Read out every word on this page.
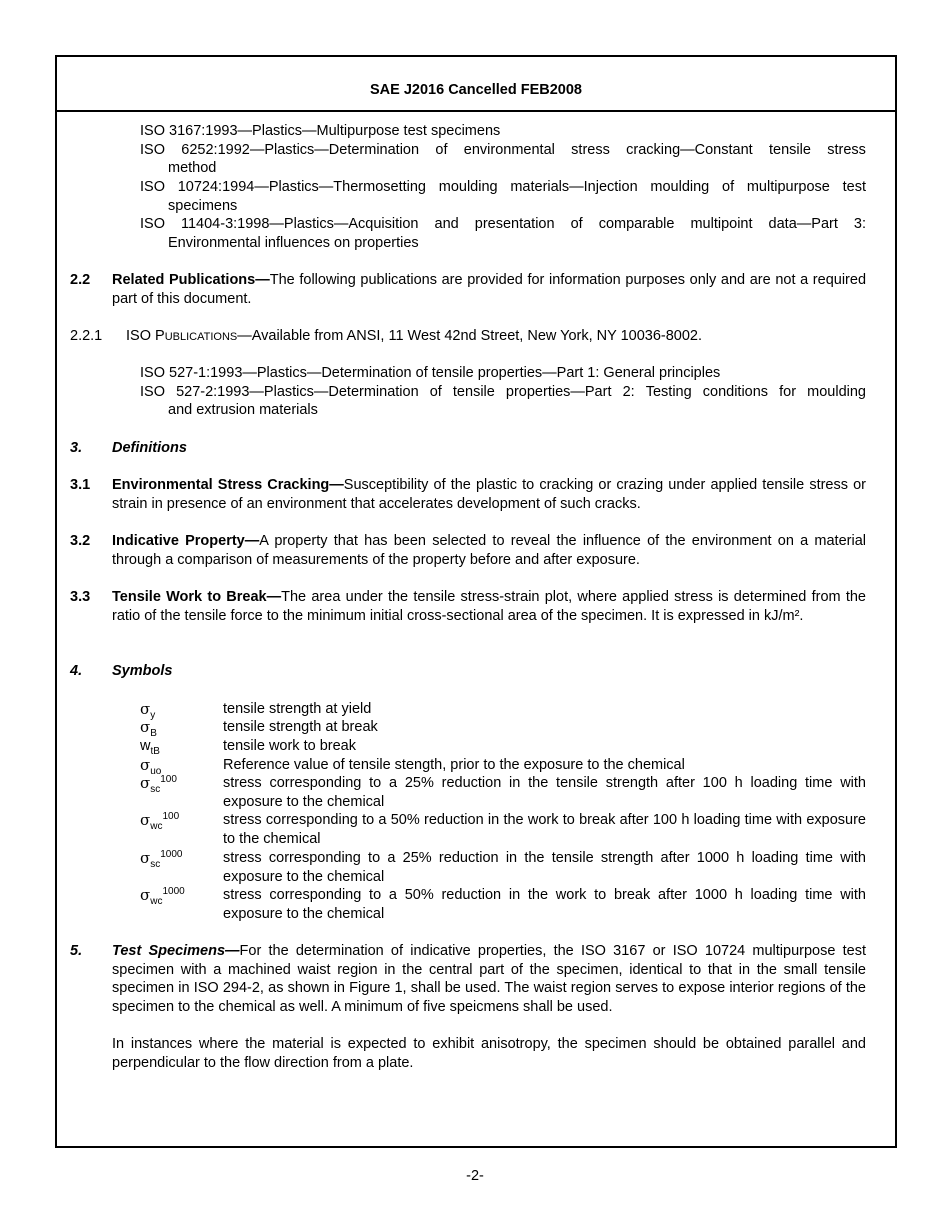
SAE J2016 Cancelled FEB2008
ISO 3167:1993—Plastics—Multipurpose test specimens
ISO 6252:1992—Plastics—Determination of environmental stress cracking—Constant tensile stress
method
ISO 10724:1994—Plastics—Thermosetting moulding materials—Injection moulding of multipurpose test
specimens
ISO 11404-3:1998—Plastics—Acquisition and presentation of comparable multipoint data—Part 3:
Environmental influences on properties
2.2 Related Publications—The following publications are provided for information purposes only and are not a required part of this document.
2.2.1 ISO PUBLICATIONS—Available from ANSI, 11 West 42nd Street, New York, NY 10036-8002.
ISO 527-1:1993—Plastics—Determination of tensile properties—Part 1: General principles
ISO 527-2:1993—Plastics—Determination of tensile properties—Part 2: Testing conditions for moulding
and extrusion materials
3. Definitions
3.1 Environmental Stress Cracking—Susceptibility of the plastic to cracking or crazing under applied tensile stress or strain in presence of an environment that accelerates development of such cracks.
3.2 Indicative Property—A property that has been selected to reveal the influence of the environment on a material through a comparison of measurements of the property before and after exposure.
3.3 Tensile Work to Break—The area under the tensile stress-strain plot, where applied stress is determined from the ratio of the tensile force to the minimum initial cross-sectional area of the specimen. It is expressed in kJ/m².
4. Symbols
$\sigma_y$	tensile strength at yield
$\sigma_B$	tensile strength at break
$w_{tB}$	tensile work to break
$\sigma_{uo}$	Reference value of tensile stength, prior to the exposure to the chemical
$\sigma_{sc}^{100}$	stress corresponding to a 25% reduction in the tensile strength after 100 h loading time with exposure to the chemical
$\sigma_{wc}^{100}$	stress corresponding to a 50% reduction in the work to break after 100 h loading time with exposure to the chemical
$\sigma_{sc}^{1000}$	stress corresponding to a 25% reduction in the tensile strength after 1000 h loading time with exposure to the chemical
$\sigma_{wc}^{1000}$	stress corresponding to a 50% reduction in the work to break after 1000 h loading time with exposure to the chemical
5. Test Specimens—For the determination of indicative properties, the ISO 3167 or ISO 10724 multipurpose test specimen with a machined waist region in the central part of the specimen, identical to that in the small tensile specimen in ISO 294-2, as shown in Figure 1, shall be used. The waist region serves to expose interior regions of the specimen to the chemical as well. A minimum of five speicmens shall be used.
In instances where the material is expected to exhibit anisotropy, the specimen should be obtained parallel and perpendicular to the flow direction from a plate.
-2-
